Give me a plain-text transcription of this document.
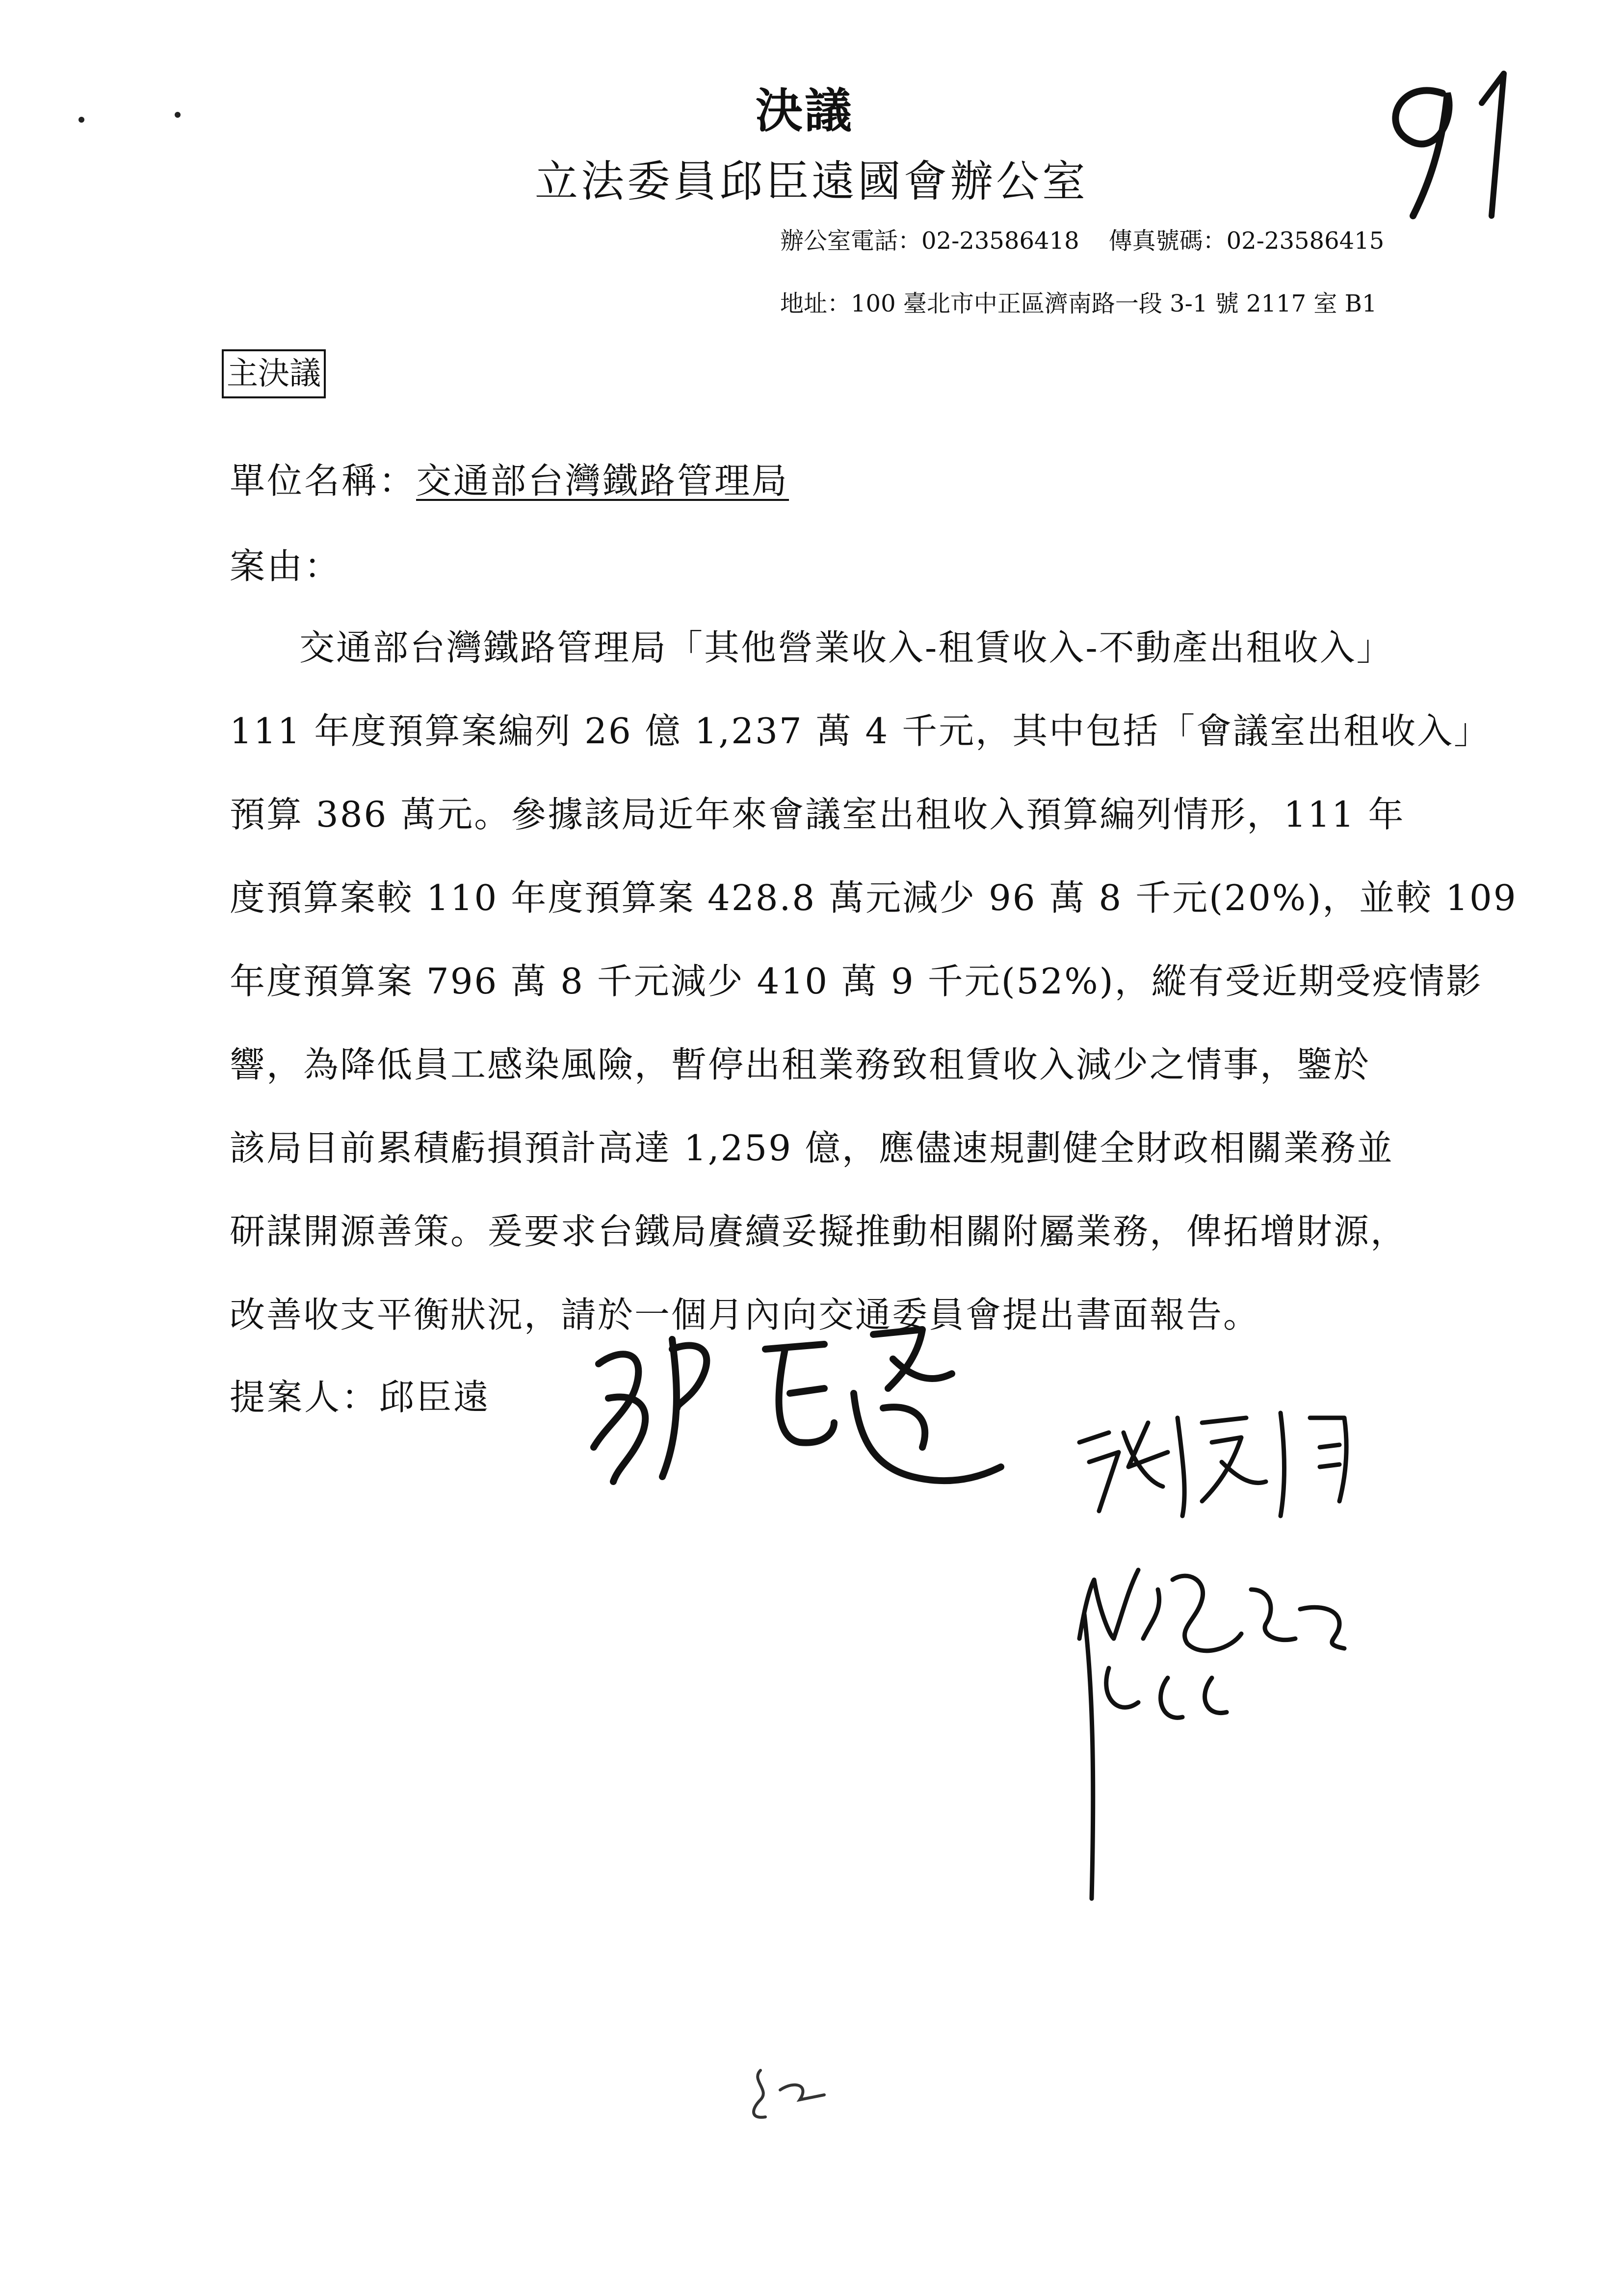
決議
立法委員邱臣遠國會辦公室
辦公室電話：02-23586418 傳真號碼：02-23586415
地址：100 臺北市中正區濟南路一段 3-1 號 2117 室 B1
主決議
單位名稱：交通部台灣鐵路管理局
案由：
交通部台灣鐵路管理局「其他營業收入-租賃收入-不動產出租收入」
111 年度預算案編列 26 億 1,237 萬 4 千元，其中包括「會議室出租收入」
預算 386 萬元。參據該局近年來會議室出租收入預算編列情形，111 年
度預算案較 110 年度預算案 428.8 萬元減少 96 萬 8 千元(20%)，並較 109
年度預算案 796 萬 8 千元減少 410 萬 9 千元(52%)，縱有受近期受疫情影
響，為降低員工感染風險，暫停出租業務致租賃收入減少之情事，鑒於
該局目前累積虧損預計高達 1,259 億，應儘速規劃健全財政相關業務並
研謀開源善策。爰要求台鐵局賡續妥擬推動相關附屬業務，俾拓增財源，
改善收支平衡狀況，請於一個月內向交通委員會提出書面報告。
提案人：邱臣遠
